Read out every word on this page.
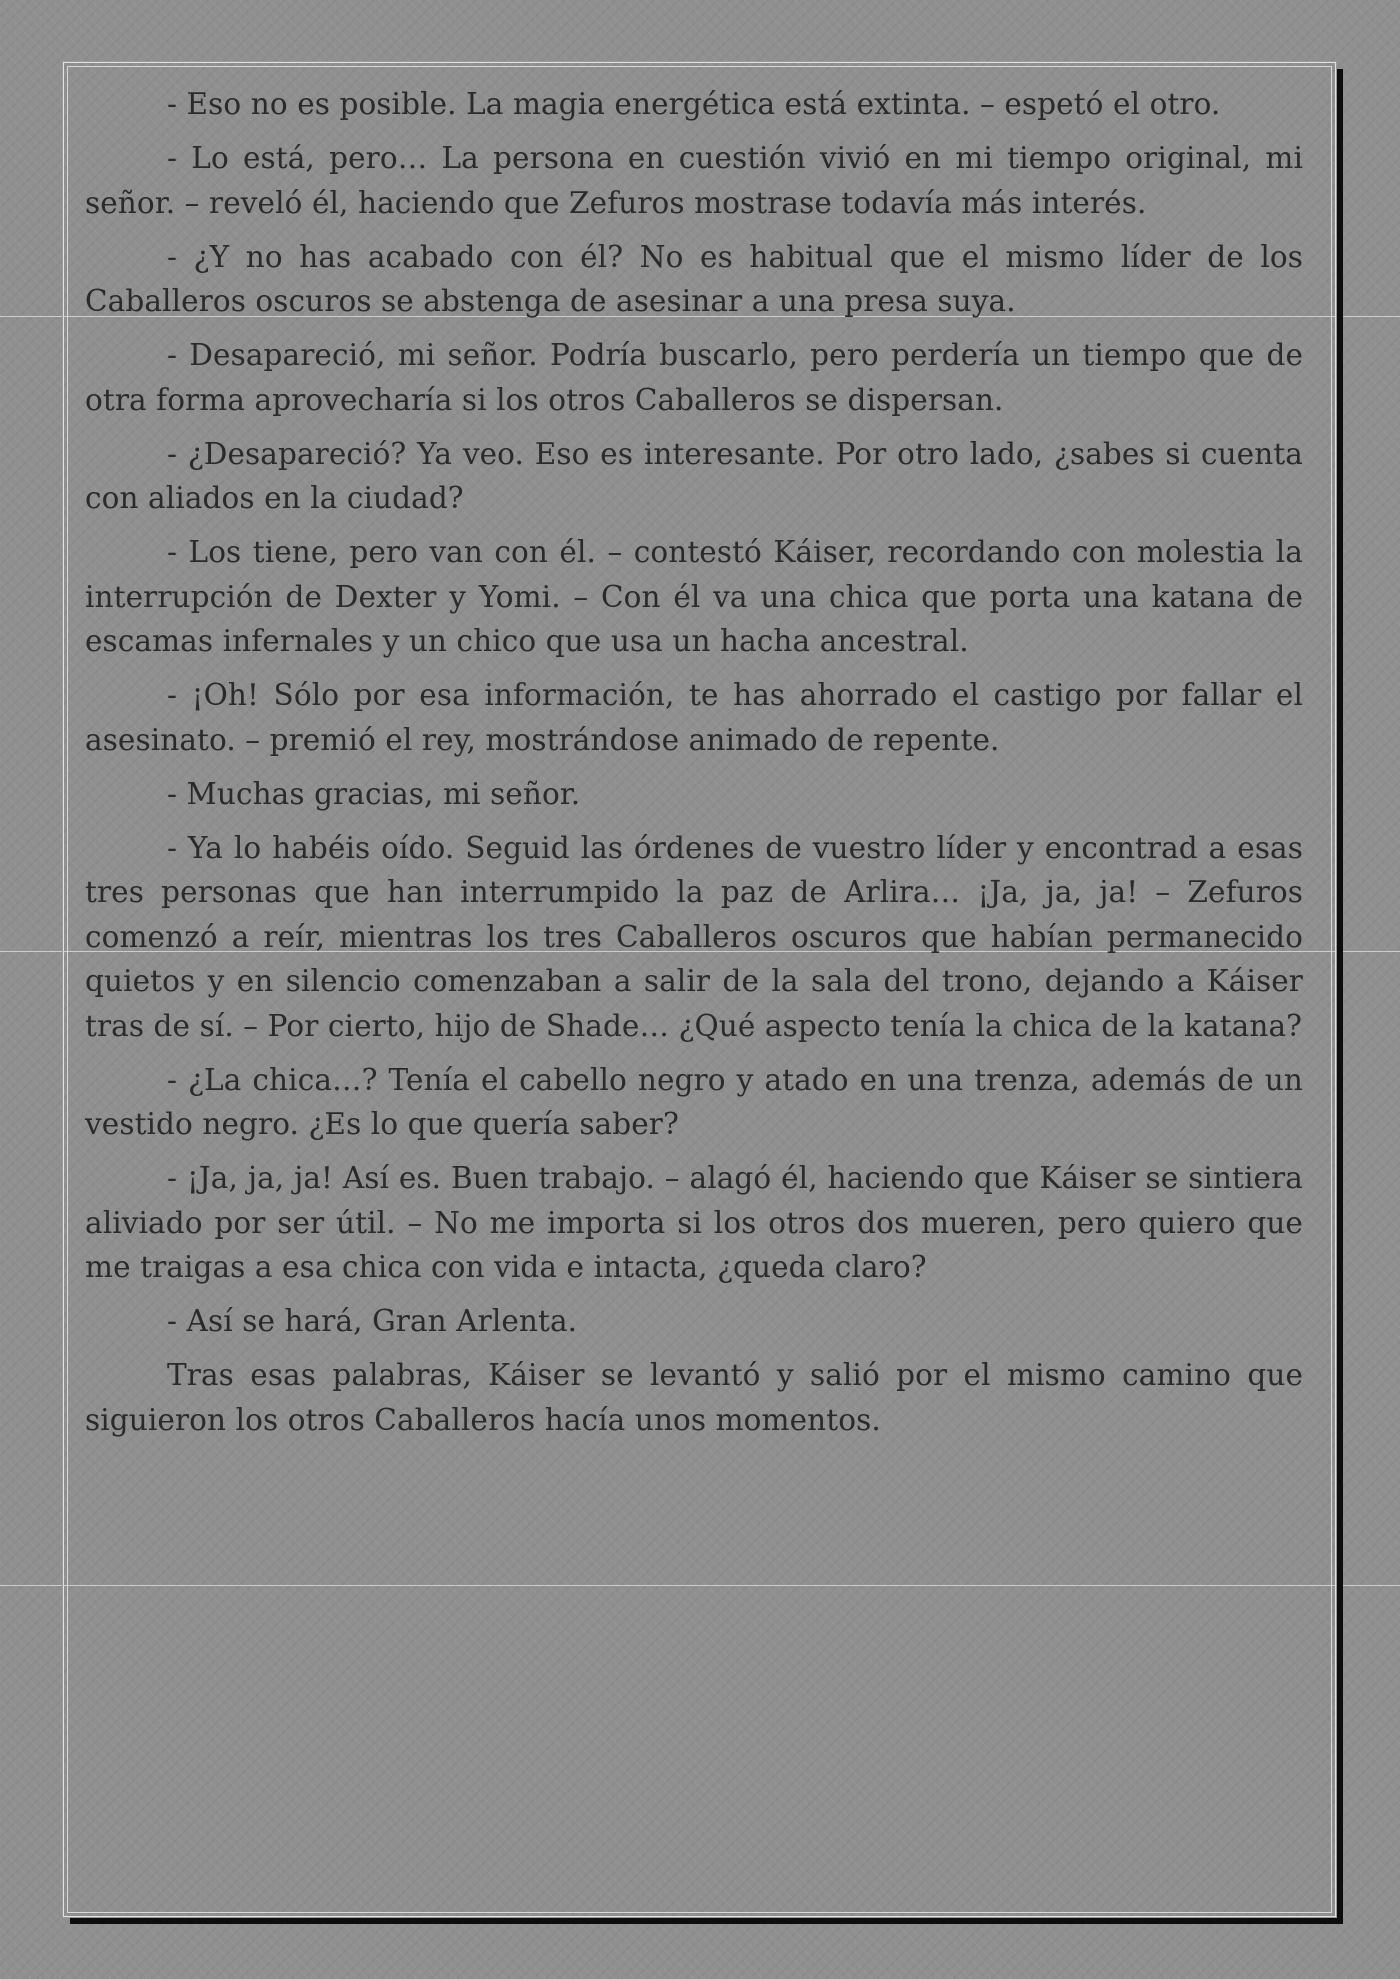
- Eso no es posible. La magia energética está extinta. – espetó el otro.

- Lo está, pero… La persona en cuestión vivió en mi tiempo original, mi señor. – reveló él, haciendo que Zefuros mostrase todavía más interés.

- ¿Y no has acabado con él? No es habitual que el mismo líder de los Caballeros oscuros se abstenga de asesinar a una presa suya.

- Desapareció, mi señor. Podría buscarlo, pero perdería un tiempo que de otra forma aprovecharía si los otros Caballeros se dispersan.

- ¿Desapareció? Ya veo. Eso es interesante. Por otro lado, ¿sabes si cuenta con aliados en la ciudad?

- Los tiene, pero van con él. – contestó Káiser, recordando con molestia la interrupción de Dexter y Yomi. – Con él va una chica que porta una katana de escamas infernales y un chico que usa un hacha ancestral.

- ¡Oh! Sólo por esa información, te has ahorrado el castigo por fallar el asesinato. – premió el rey, mostrándose animado de repente.

- Muchas gracias, mi señor.

- Ya lo habéis oído. Seguid las órdenes de vuestro líder y encontrad a esas tres personas que han interrumpido la paz de Arlira… ¡Ja, ja, ja! – Zefuros comenzó a reír, mientras los tres Caballeros oscuros que habían permanecido quietos y en silencio comenzaban a salir de la sala del trono, dejando a Káiser tras de sí. – Por cierto, hijo de Shade… ¿Qué aspecto tenía la chica de la katana?

- ¿La chica…? Tenía el cabello negro y atado en una trenza, además de un vestido negro. ¿Es lo que quería saber?

- ¡Ja, ja, ja! Así es. Buen trabajo. – alagó él, haciendo que Káiser se sintiera aliviado por ser útil. – No me importa si los otros dos mueren, pero quiero que me traigas a esa chica con vida e intacta, ¿queda claro?

- Así se hará, Gran Arlenta.

Tras esas palabras, Káiser se levantó y salió por el mismo camino que siguieron los otros Caballeros hacía unos momentos.
